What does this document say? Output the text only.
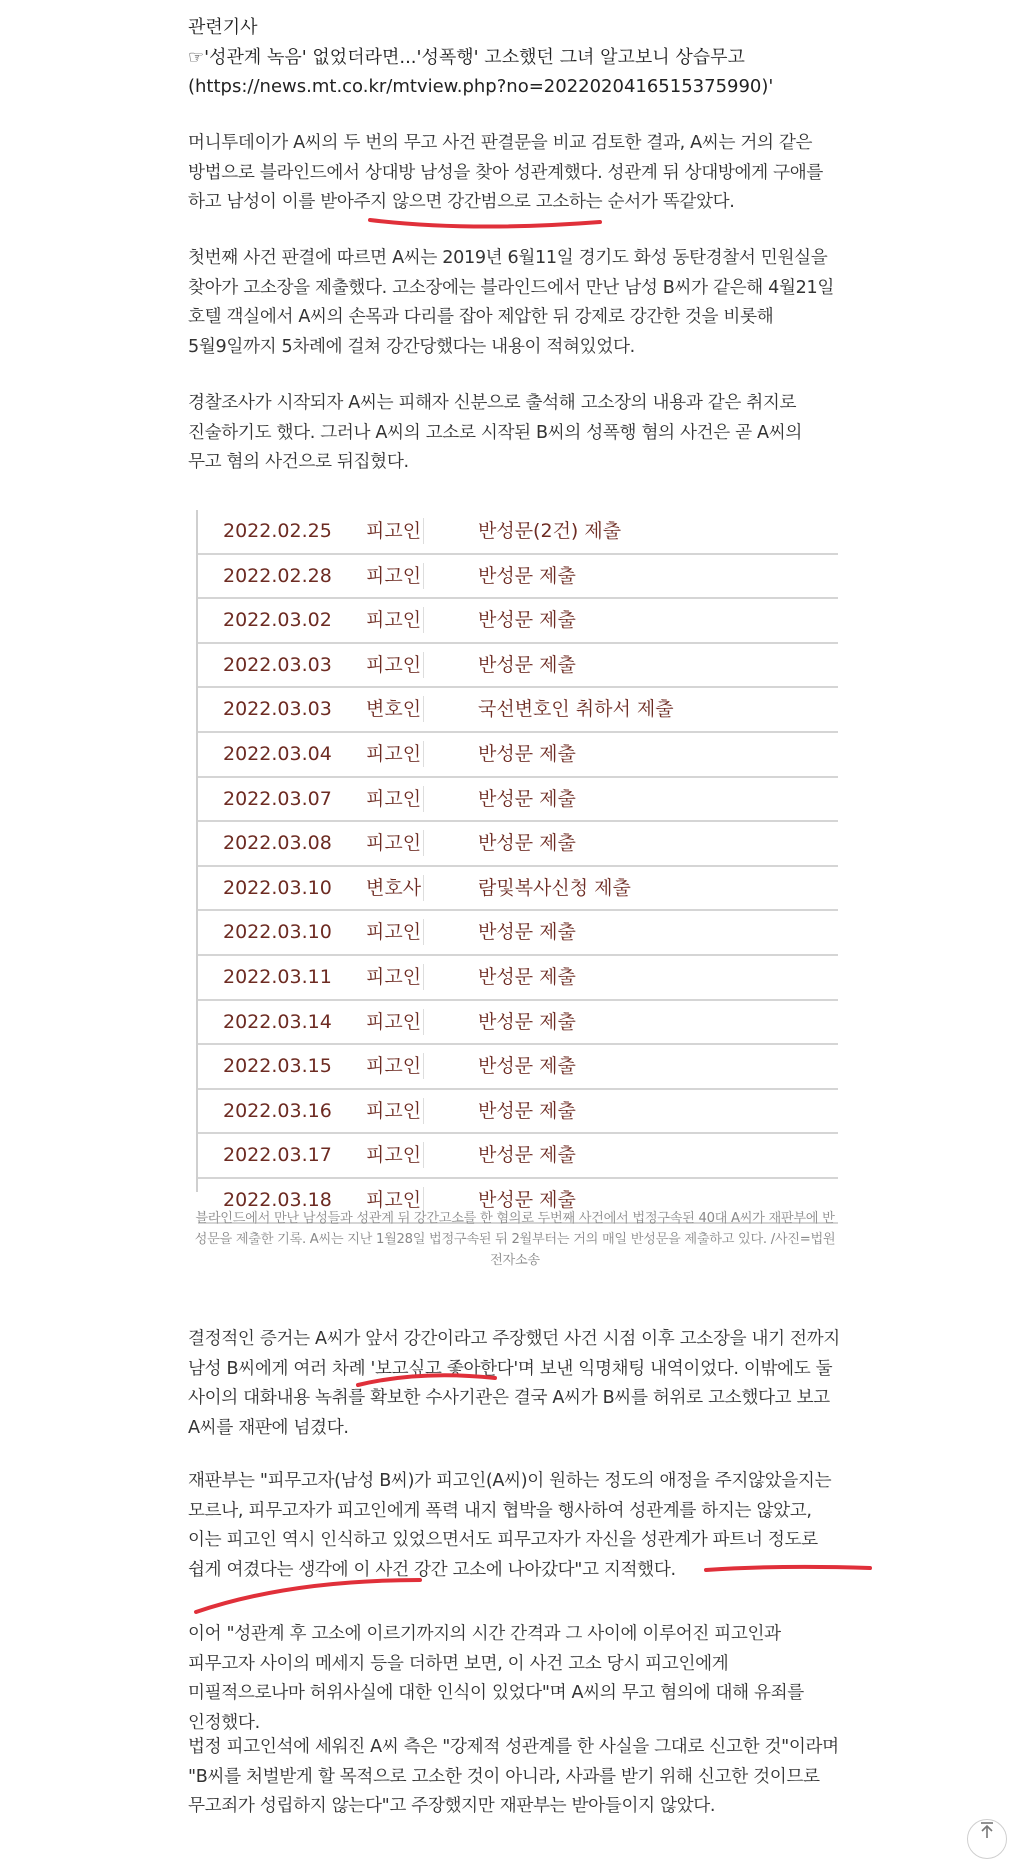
관련기사
☞'성관계 녹음' 없었더라면...'성폭행' 고소했던 그녀 알고보니 상습무고 (https://news.mt.co.kr/mtview.php?no=2022020416515375990)'
머니투데이가 A씨의 두 번의 무고 사건 판결문을 비교 검토한 결과, A씨는 거의 같은 방법으로 블라인드에서 상대방 남성을 찾아 성관계했다. 성관계 뒤 상대방에게 구애를 하고 남성이 이를 받아주지 않으면 강간범으로 고소하는 순서가 똑같았다.
첫번째 사건 판결에 따르면 A씨는 2019년 6월11일 경기도 화성 동탄경찰서 민원실을 찾아가 고소장을 제출했다. 고소장에는 블라인드에서 만난 남성 B씨가 같은해 4월21일 호텔 객실에서 A씨의 손목과 다리를 잡아 제압한 뒤 강제로 강간한 것을 비롯해 5월9일까지 5차례에 걸쳐 강간당했다는 내용이 적혀있었다.
경찰조사가 시작되자 A씨는 피해자 신분으로 출석해 고소장의 내용과 같은 취지로 진술하기도 했다. 그러나 A씨의 고소로 시작된 B씨의 성폭행 혐의 사건은 곧 A씨의 무고 혐의 사건으로 뒤집혔다.
2022.02.25 피고인	반성문(2건) 제출
2022.02.28 피고인	반성문 제출
2022.03.02 피고인	반성문 제출
2022.03.03 피고인	반성문 제출
2022.03.03 변호인	국선변호인 취하서 제출
2022.03.04 피고인	반성문 제출
2022.03.07 피고인	반성문 제출
2022.03.08 피고인	반성문 제출
2022.03.10 변호사	람및복사신청 제출
2022.03.10 피고인	반성문 제출
2022.03.11 피고인	반성문 제출
2022.03.14 피고인	반성문 제출
2022.03.15 피고인	반성문 제출
2022.03.16 피고인	반성문 제출
2022.03.17 피고인	반성문 제출
2022.03.18 피고인	반성문 제출
블라인드에서 만난 남성들과 성관계 뒤 강간고소를 한 혐의로 두번째 사건에서 법정구속된 40대 A씨가 재판부에 반성문을 제출한 기록. A씨는 지난 1월28일 법정구속된 뒤 2월부터는 거의 매일 반성문을 제출하고 있다. /사진=법원 전자소송
결정적인 증거는 A씨가 앞서 강간이라고 주장했던 사건 시점 이후 고소장을 내기 전까지 남성 B씨에게 여러 차례 '보고싶고 좋아한다'며 보낸 익명채팅 내역이었다. 이밖에도 둘 사이의 대화내용 녹취를 확보한 수사기관은 결국 A씨가 B씨를 허위로 고소했다고 보고 A씨를 재판에 넘겼다.
재판부는 "피무고자(남성 B씨)가 피고인(A씨)이 원하는 정도의 애정을 주지않았을지는 모르나, 피무고자가 피고인에게 폭력 내지 협박을 행사하여 성관계를 하지는 않았고, 이는 피고인 역시 인식하고 있었으면서도 피무고자가 자신을 성관계가 파트너 정도로 쉽게 여겼다는 생각에 이 사건 강간 고소에 나아갔다"고 지적했다.
이어 "성관계 후 고소에 이르기까지의 시간 간격과 그 사이에 이루어진 피고인과 피무고자 사이의 메세지 등을 더하면 보면, 이 사건 고소 당시 피고인에게 미필적으로나마 허위사실에 대한 인식이 있었다"며 A씨의 무고 혐의에 대해 유죄를 인정했다.
법정 피고인석에 세워진 A씨 측은 "강제적 성관계를 한 사실을 그대로 신고한 것"이라며 "B씨를 처벌받게 할 목적으로 고소한 것이 아니라, 사과를 받기 위해 신고한 것이므로 무고죄가 성립하지 않는다"고 주장했지만 재판부는 받아들이지 않았다.
